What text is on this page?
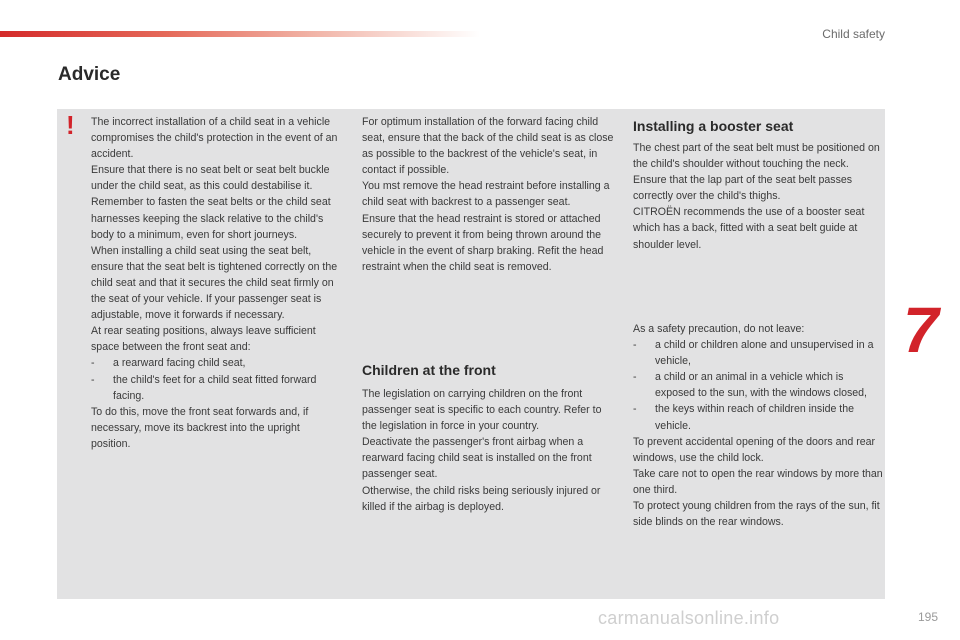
Child safety
Advice
! The incorrect installation of a child seat in a vehicle compromises the child's protection in the event of an accident.

Ensure that there is no seat belt or seat belt buckle under the child seat, as this could destabilise it.

Remember to fasten the seat belts or the child seat harnesses keeping the slack relative to the child's body to a minimum, even for short journeys.

When installing a child seat using the seat belt, ensure that the seat belt is tightened correctly on the child seat and that it secures the child seat firmly on the seat of your vehicle. If your passenger seat is adjustable, move it forwards if necessary.

At rear seating positions, always leave sufficient space between the front seat and:

-	a rearward facing child seat,
-	the child's feet for a child seat fitted forward facing.

To do this, move the front seat forwards and, if necessary, move its backrest into the upright position.

For optimum installation of the forward facing child seat, ensure that the back of the child seat is as close as possible to the backrest of the vehicle's seat, in contact if possible.

You mst remove the head restraint before installing a child seat with backrest to a passenger seat.

Ensure that the head restraint is stored or attached securely to prevent it from being thrown around the vehicle in the event of sharp braking. Refit the head restraint when the child seat is removed.

Children at the front

The legislation on carrying children on the front passenger seat is specific to each country. Refer to the legislation in force in your country.

Deactivate the passenger's front airbag when a rearward facing child seat is installed on the front passenger seat.

Otherwise, the child risks being seriously injured or killed if the airbag is deployed.

Installing a booster seat

The chest part of the seat belt must be positioned on the child's shoulder without touching the neck.

Ensure that the lap part of the seat belt passes correctly over the child's thighs.

CITROËN recommends the use of a booster seat which has a back, fitted with a seat belt guide at shoulder level.

As a safety precaution, do not leave:

-	a child or children alone and unsupervised in a vehicle,
-	a child or an animal in a vehicle which is exposed to the sun, with the windows closed,
-	the keys within reach of children inside the vehicle.

To prevent accidental opening of the doors and rear windows, use the child lock.

Take care not to open the rear windows by more than one third.

To protect young children from the rays of the sun, fit side blinds on the rear windows.

7
carmanualsonline.info	195
